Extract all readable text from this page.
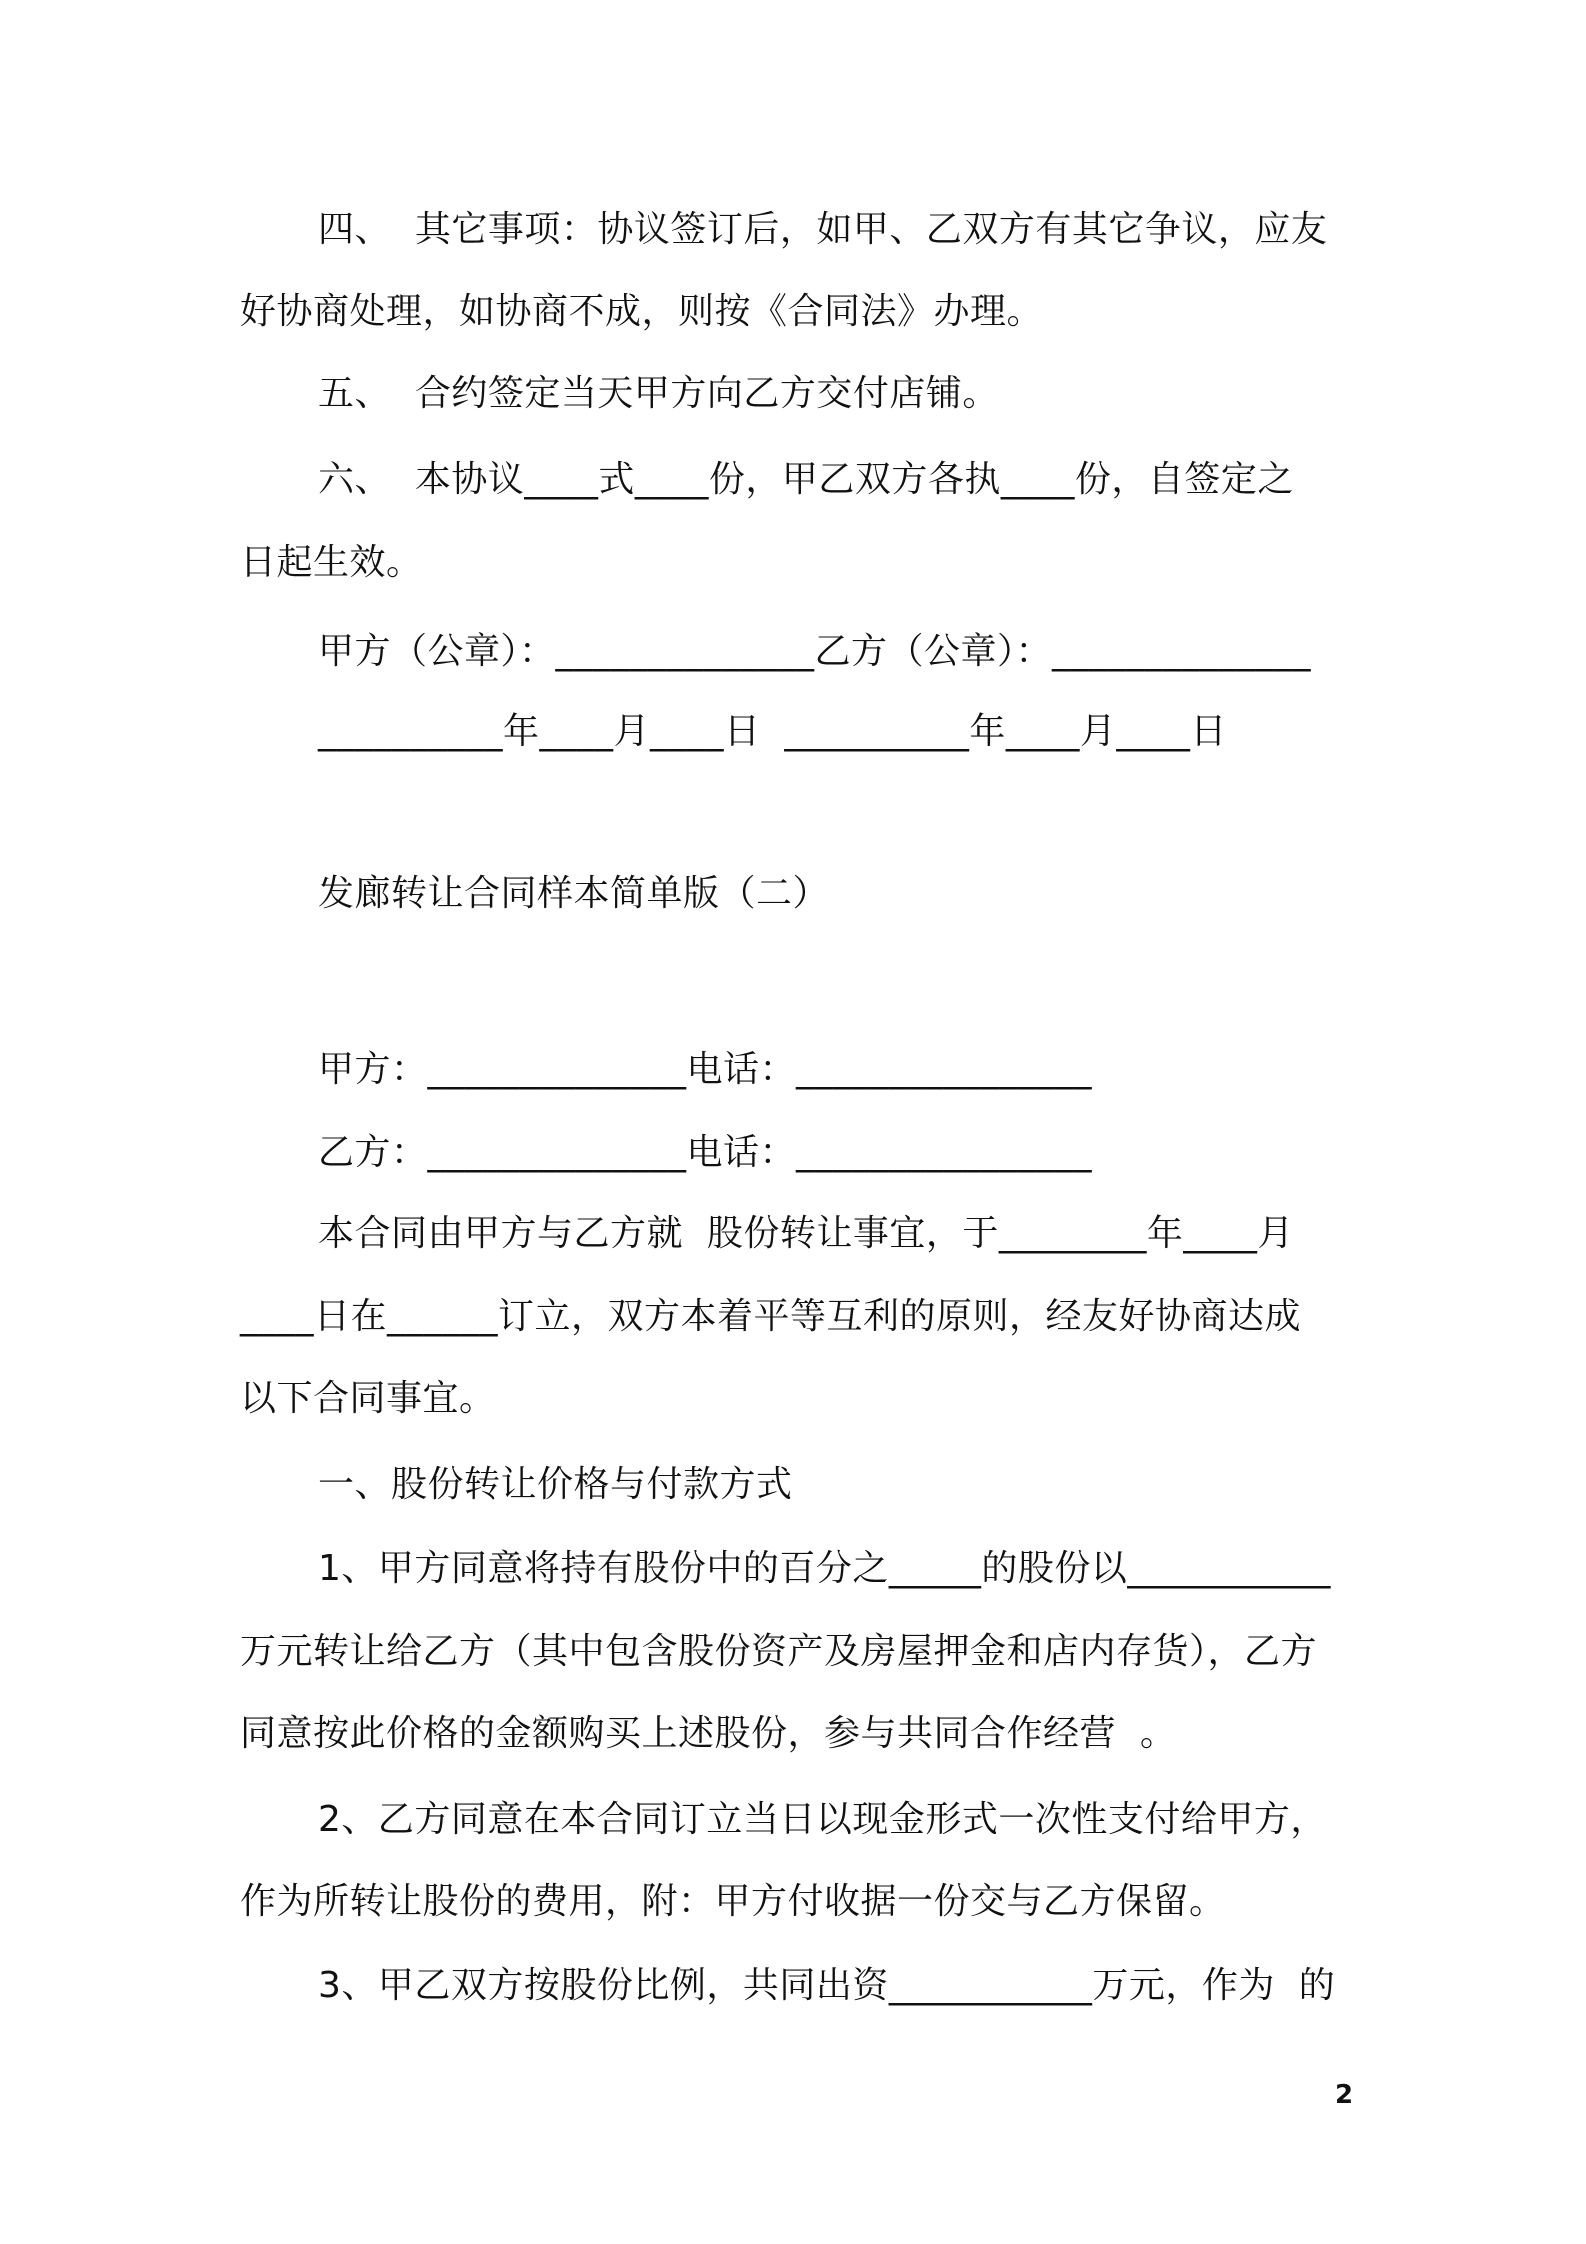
四、  其它事项：协议签订后，如甲、乙双方有其它争议，应友
好协商处理，如协商不成，则按《合同法》办理。
五、  合约签定当天甲方向乙方交付店铺。
六、  本协议____式____份，甲乙双方各执____份，自签定之
日起生效。
甲方（公章）：______________乙方（公章）：______________
__________年____月____日  __________年____月____日
发廊转让合同样本简单版（二）
甲方：______________电话：________________
乙方：______________电话：________________
本合同由甲方与乙方就  股份转让事宜，于________年____月
____日在______订立，双方本着平等互利的原则，经友好协商达成
以下合同事宜。
一、股份转让价格与付款方式
1、甲方同意将持有股份中的百分之_____的股份以___________
万元转让给乙方（其中包含股份资产及房屋押金和店内存货），乙方
同意按此价格的金额购买上述股份，参与共同合作经营  。
2、乙方同意在本合同订立当日以现金形式一次性支付给甲方，
作为所转让股份的费用，附：甲方付收据一份交与乙方保留。
3、甲乙双方按股份比例，共同出资___________万元，作为  的
2
